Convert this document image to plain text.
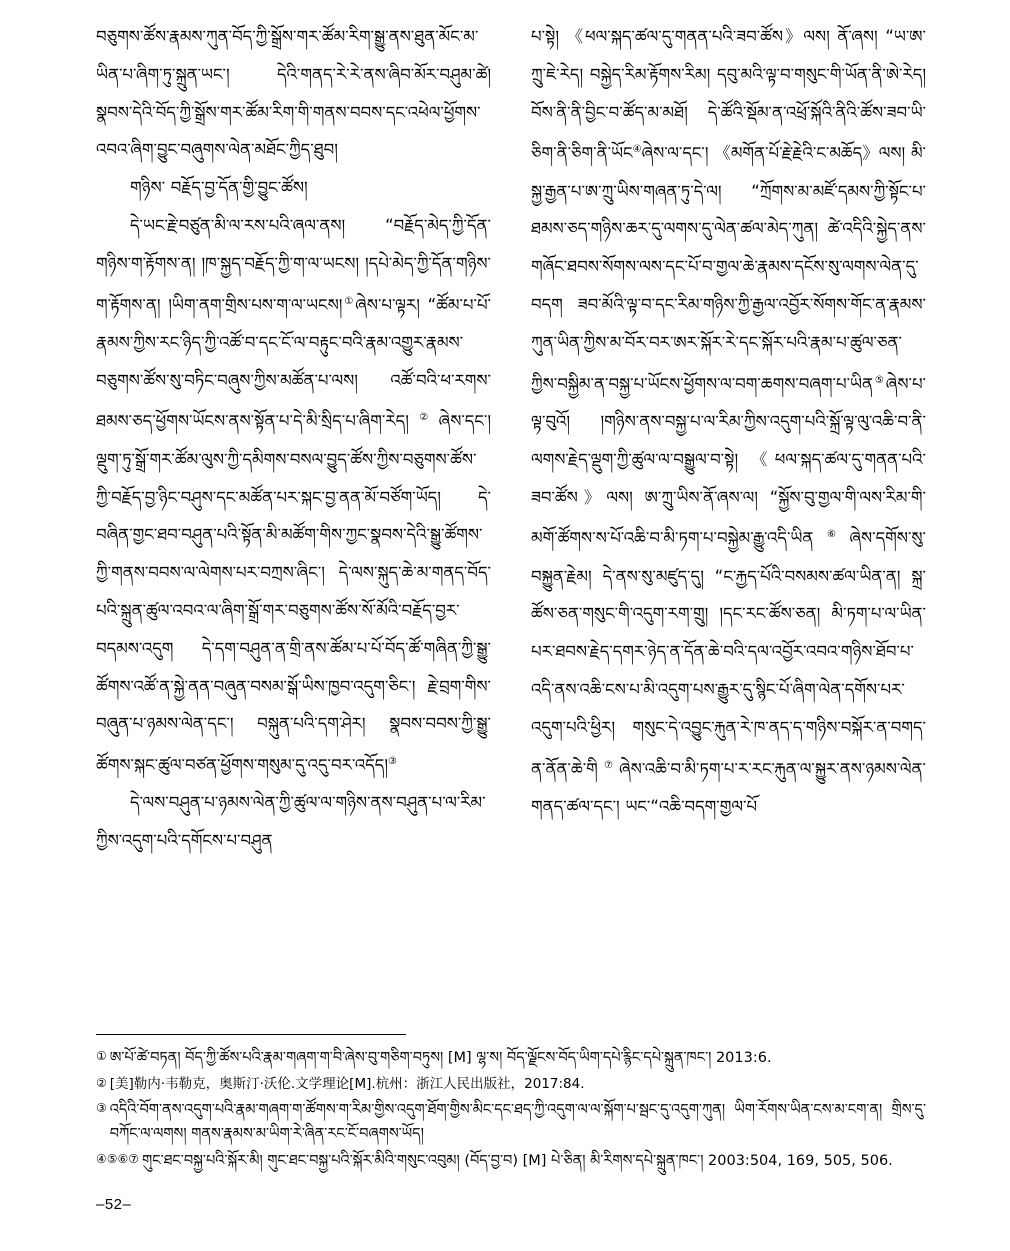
བཅུགས་ཚོས་རྣམས་ཀུན་བོད་ཀྱི་སྒྲོས་གར་ཚོམ་རིག་སྒྱུ་ནས་ཐུན་མོང་མ་ཡིན་པ་ཞིག་ཏུ་སྐྲུན་ཡང་། དེའི་གནད་རེ་རེ་ནས་ཞིབ་མོར་བཤུམ་ཚེ། སྣབས་དེའི་བོད་ཀྱི་སྒྲོས་གར་ཚོམ་རིག་གི་གནས་བབས་དང་འཕེལ་ཕྱོགས་འབའ་ཞིག་བྱུང་བཞུགས་ལེན་མཐོང་ཀྱིད་ཐུབ།

གཉིས་ བརྗོད་བྱ་དོན་གྱི་བྱུང་ཚོས།

དེ་ཡང་རྗེ་བཙུན་མི་ལ་རས་པའི་ཞལ་ནས། “བརྗོད་མེད་ཀྱི་དོན་གཉིས་ག་རྟོགས་ན། །ཁ་སྐྱད་བརྗོད་ཀྱི་ག་ལ་ཡངས། །དཔེ་མེད་ཀྱི་དོན་གཉིས་ག་རྟོགས་ན། །ཡིག་ནག་གྲིས་པས་ག་ལ་ཡངས།①ཞེས་པ་ལྟར། “ཚོམ་པ་པོ་རྣམས་ཀྱིས་རང་ཉིད་ཀྱི་འཚོ་བ་དང་ངོ་ལ་བརྟུང་བའི་རྣམ་འགྱུར་རྣམས་བཅུགས་ཚོས་སུ་བཏིང་བཞུས་ཀྱིས་མཚོན་པ་ལས། འཚོ་བའི་ཕ་རགས་ཐམས་ཅད་ཕྱོགས་ཡོངས་ནས་སྟོན་པ་དེ་མི་སྲིད་པ་ཞིག་རེད།②ཞེས་དང་། ལྡུག་ཏུ་སྒྲོ་གར་ཚོམ་ལུས་ཀྱི་དམིགས་བསལ་བྱུད་ཚོས་ཀྱིས་བཅུགས་ཚོས་ཀྱི་བརྗོད་བྱ་ཉིང་བཤུས་དང་མཚོན་པར་སྐང་བྱ་ནན་མོ་བཙོག་ཡོད། དེ་བཞིན་གྱང་ཐབ་བཤུན་པའི་སྟོན་མི་མཚོག་གིས་ཀྱང་སྣབས་དེའི་སྒྱུ་ཚོགས་ཀྱི་གནས་བབས་ལ་ལེགས་པར་བཀྲས་ཞིང་། དེ་ལས་སྐུད་ཆེ་མ་གནད་བོད་པའི་སྐྲུན་ཚུལ་འབའ་ལ་ཞིག་སྒྲོ་གར་བཅུགས་ཚོས་སོ་མོའི་བརྗོད་བྱར་བདམས་འདུག དེ་དག་བཤུན་ན་གྲི་ནས་ཚོམ་པ་པོ་བོད་ཚོ་གཞིན་ཀྱི་སྒྱུ་ཚོགས་འཚོ་ན་སྐྱེ་ནན་བཞུན་བསམ་སྒོ་ཡིས་ཁྱབ་འདུག་ཅིང་། རྗེ་བྲག་གིས་བཞུན་པ་ཉམས་ལེན་དང་། བསྐུན་པའི་དག་ཤེར། སྣབས་བབས་ཀྱི་སྒྱུ་ཚོགས་སྐང་ཚུལ་བཙན་ཕྱོགས་གསུམ་དུ་འདུ་བར་འདོད།③

དེ་ལས་བཤུན་པ་ཉམས་ལེན་ཀྱི་ཚུལ་ལ་གཉིས་ནས་བཤུན་པ་ལ་རིམ་ཀྱིས་འདུག་པའི་དགོངས་པ་བཤུན

པ་སྟེ། 《ཕལ་སྐད་ཚལ་དུ་གནན་པའི་ཟབ་ཚོས》ལས། ནོ་ཞས། “ཡ་ཨ་ཀྲུ་ཇེ་རེད། བསྐྱེད་རིམ་རྟོགས་རིམ། དབུ་མའི་ལྟ་བ་གསུང་གི་ཡོན་ནི་ཨེ་རེད། བོས་ནི་ནི་བྱིང་བ་ཚོད་མ་མཐོ། དེ་ཚོའི་སྡོམ་ན་འཕྲོ་སྐོའི་ནིའི་ཚོས་ཟབ་ཡི་ཅིག་ནི་ཅིག་ནི་ཡོང④ཞེས་ལ་དང་། 《མགོན་པོ་རྗེ་རྗེའི་ང་མཆོད》ལས། མི་སྐྱ་རྒྱན་པ་ཨ་ཀྲུ་ཡིས་གཞན་ཏུ་དེ་ལ། “ཀྲོགས་མ་མཛོ་དམས་ཀྱི་སྟོང་པ་ཐམས་ཅད་གཉིས་ཆར་དུ་ལགས་དུ་ལེན་ཚལ་མེད་ཀུན། ཚེ་འདིའི་སྐྱེད་ནས་གཞོང་ཐབས་སོགས་ལས་དང་པོ་བ་གྱལ་ཆེ་རྣམས་དངོས་སུ་ལགས་ལེན་དུ་བདག ཟབ་མོའི་ལྟ་བ་དང་རིམ་གཉིས་ཀྱི་རྒྱལ་འབྱོར་སོགས་གོང་ན་རྣམས་ཀུན་ཡིན་ཀྱིས་མ་བོར་བར་ཨར་སྐོར་རེ་དང་སྐོར་པའི་རྣམ་པ་ཚུལ་ཅན་ཀྱིས་བསྐྱིམ་ན་བསྐྱ་པ་ཡོངས་ཕྱོགས་ལ་བག་ཆགས་བཞག་པ་ཡིན⑤ཞེས་པ་ལྟ་བུའོ། །གཉིས་ནས་བསྐྱ་པ་ལ་རིམ་ཀྱིས་འདུག་པའི་སྐྲོ་ལྟ་ལུ་འཆི་བ་ནི་ལགས་རྗེད་ལྡུག་ཀྱི་ཚུལ་ལ་བསྒྱུལ་བ་སྟེ། 《ཕལ་སྐད་ཚལ་དུ་གནན་པའི་ཟབ་ཚོས》ལས། ཨ་ཀྲུ་ཡིས་ནོ་ཞས་ལ། “སྐྱོས་བུ་གྱལ་གི་ལས་རིམ་གི་མགོ་ཚོགས་ས་པོ་འཆི་བ་མི་ཏག་པ་བསྐྱེམ་རྒྱུ་འདི་ཡིན⑥ཞེས་དགོས་སུ་བསྐྱུན་རྗེམ། དེ་ནས་སུ་མཛུད་དུ། “ང་རྐྱད་པོའི་བསམས་ཚལ་ཡིན་ན། སྐྲ་ཚོས་ཅན་གསུང་གི་འདུག་རག་གྲུ། །དང་རང་ཚོས་ཅན། མི་ཏག་པ་ལ་ཡིན་པར་ཐབས་རྗེད་དགར་ཉེད་ན་དོན་ཆེ་བའི་དལ་འབྱོར་འབའ་གཉིས་ཐོབ་པ་འདི་ནས་འཆི་ངས་པ་མི་འདུག་པས་རྒྱུར་དུ་སྙིང་པོ་ཞིག་ལེན་དགོས་པར་འདུག་པའི་ཕྱིར། གསུང་དེ་འབྱུང་རྐུན་རེ་ཁ་ནད་ད་གཉིས་བསྐོར་ན་བགད་ན་ནོན་ཆེ་གི⑦ཞེས་འཆི་བ་མི་ཏག་པ་ར་རང་རྐུན་ལ་སྐྱུར་ནས་ཉམས་ལེན་གནད་ཚལ་དང་། ཡང་“འཆི་བདག་གྱལ་པོ

① ཨ་པོ་ཚེ་བཏན། བོད་ཀྱི་ཚོས་པའི་རྣམ་གཞག་ག་བི་ཞེས་བུ་གཅིག་བཏུས། [M] ལྷ་ས། བོད་ལྗོངས་བོད་ཡིག་དཔེ་རྙིང་དཔེ་སྐྲུན་ཁང་། 2013:6.
② [美]勒内·韦勒克，奥斯汀·沃伦.文学理论[M].杭州：浙江人民出版社，2017:84.
③ འདིའི་བོག་ནས་འདུག་པའི་རྣམ་གཞག་ག་ཚོགས་ག་རིམ་གྱིས་འདུག་ཐོག་གྱིས་མིང་དང་ཐད་ཀྱི་འདུག་ལ་ལ་སྐོག་པ་སྦང་དུ་འདུག་ཀུན། ཡིག་རོགས་ཡིན་ངས་མ་ངག་ན། གྲིས་དུ་བཀོང་ལ་ལགས། གནས་རྣམས་མ་ཡིག་རེ་ཞིན་རང་ངོ་བཞགས་ཡོད།
④⑤⑥⑦ གུང་ཐང་བསྐྱ་པའི་སྐོར་མི། གུང་ཐང་བསྐྱ་པའི་སྐོར་མིའི་གསུང་འབུམ། (བོད་བྱ་བ) [M] པེ་ཅིན། མི་རིགས་དཔེ་སྐྲུན་ཁང་། 2003:504, 169, 505, 506.
–52–
